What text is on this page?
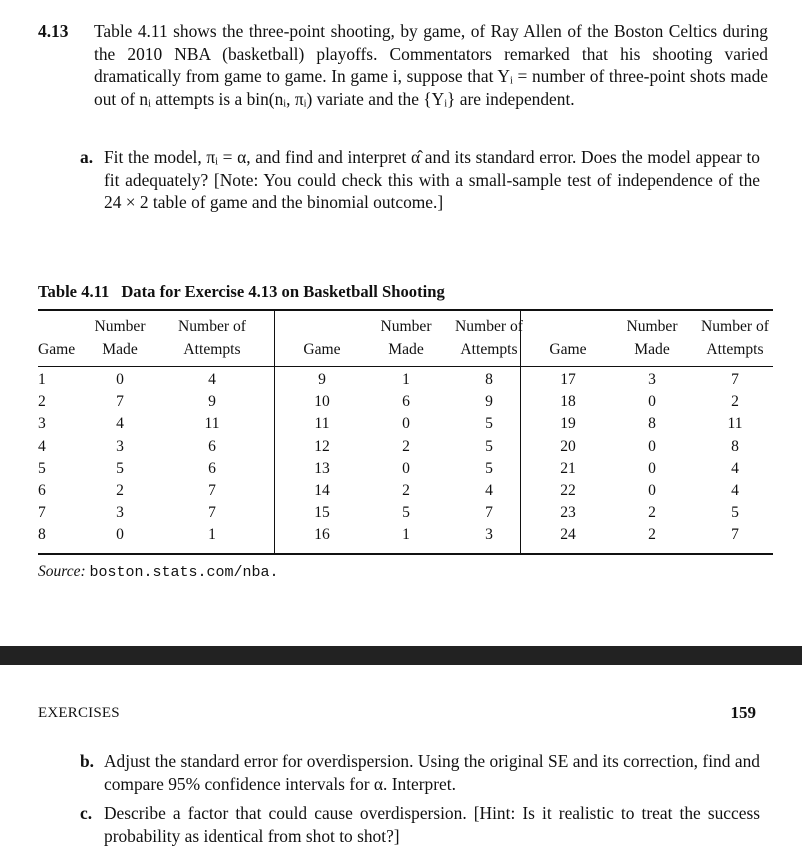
4.13 Table 4.11 shows the three-point shooting, by game, of Ray Allen of the Boston Celtics during the 2010 NBA (basketball) playoffs. Commentators remarked that his shooting varied dramatically from game to game. In game i, suppose that Yᵢ = number of three-point shots made out of nᵢ attempts is a bin(nᵢ, πᵢ) variate and the {Yᵢ} are independent.
a. Fit the model, πᵢ = α, and find and interpret α̂ and its standard error. Does the model appear to fit adequately? [Note: You could check this with a small-sample test of independence of the 24 × 2 table of game and the binomial outcome.]
Table 4.11 Data for Exercise 4.13 on Basketball Shooting
Game
Number
Made
Number of
Attempts
1	0	4
2	7	9
3	4	11
4	3	6
5	5	6
6	2	7
7	3	7
8	0	1
Game
Number
Made
Number of
Attempts
9	1	8
10	6	9
11	0	5
12	2	5
13	0	5
14	2	4
15	5	7
16	1	3
Game
Number
Made
Number of
Attempts
17	3	7
18	0	2
19	8	11
20	0	8
21	0	4
22	0	4
23	2	5
24	2	7
Source: boston.stats.com/nba.
EXERCISES	159
b. Adjust the standard error for overdispersion. Using the original SE and its correction, find and compare 95% confidence intervals for α. Interpret.
c. Describe a factor that could cause overdispersion. [Hint: Is it realistic to treat the success probability as identical from shot to shot?]
